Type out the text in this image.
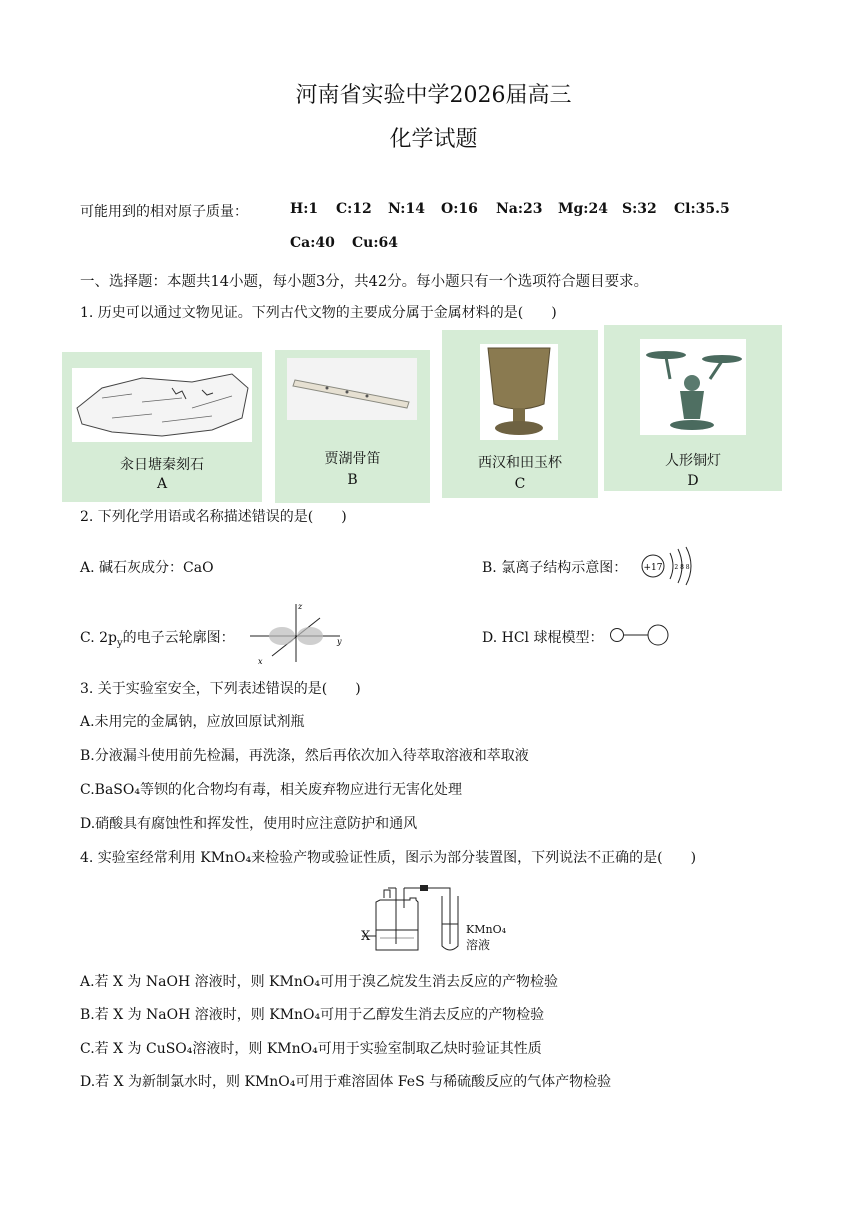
河南省实验中学2026届高三
化学试题
可能用到的相对原子质量：	H:1 C:12 N:14 O:16 Na:23 Mg:24 S:32 Cl:35.5
Ca:40 Cu:64
一、选择题：本题共14小题，每小题3分，共42分。每小题只有一个选项符合题目要求。
1. 历史可以通过文物见证。下列古代文物的主要成分属于金属材料的是(　　)
汆日塘秦刻石
A
贾湖骨笛
B
西汉和田玉杯
C
人形铜灯
D
2. 下列化学用语或名称描述错误的是(　　)
A. 碱石灰成分：CaO	B. 氯离子结构示意图： +17 2 8 8
C. $2p_y$的电子云轮廓图：
z
y
x
D. HCl 球棍模型：
3. 关于实验室安全，下列表述错误的是(　　)
A.未用完的金属钠，应放回原试剂瓶
B.分液漏斗使用前先检漏，再洗涤，然后再依次加入待萃取溶液和萃取液
C.BaSO₄等钡的化合物均有毒，相关废弃物应进行无害化处理
D.硝酸具有腐蚀性和挥发性，使用时应注意防护和通风
4. 实验室经常利用 KMnO₄来检验产物或验证性质，图示为部分装置图，下列说法不正确的是(　　)
X	KMnO₄
溶液
A.若 X 为 NaOH 溶液时，则 KMnO₄可用于溴乙烷发生消去反应的产物检验
B.若 X 为 NaOH 溶液时，则 KMnO₄可用于乙醇发生消去反应的产物检验
C.若 X 为 CuSO₄溶液时，则 KMnO₄可用于实验室制取乙炔时验证其性质
D.若 X 为新制氯水时，则 KMnO₄可用于难溶固体 FeS 与稀硫酸反应的气体产物检验
